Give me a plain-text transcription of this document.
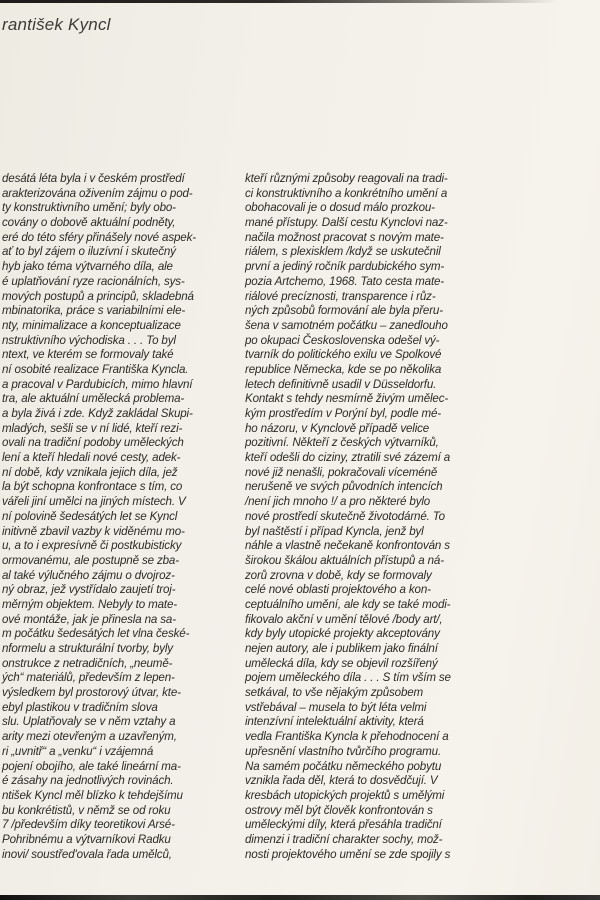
rantišek Kyncl
desátá léta byla i v českém prostředí
arakterizována oživením zájmu o pod-
ty konstruktivního umění; byly obo-
covány o dobově aktuální podněty,
eré do této sféry přinášely nové aspek-
ať to byl zájem o iluzívní i skutečný
hyb jako téma výtvarného díla, ale
é uplatňování ryze racionálních, sys-
mových postupů a principů, skladebná
mbinatorika, práce s variabilními ele-
nty, minimalizace a konceptualizace
nstruktivního východiska . . . To byl
ntext, ve kterém se formovaly také
ní osobité realizace Františka Kyncla.
a pracoval v Pardubicích, mimo hlavní
tra, ale aktuální umělecká problema-
a byla živá i zde. Když zakládal Skupi-
mladých, sešli se v ní lidé, kteří rezi-
ovali na tradiční podoby uměleckých
lení a kteří hledali nové cesty, adek-
ní době, kdy vznikala jejich díla, jež
la být schopna konfrontace s tím, co
vářeli jiní umělci na jiných místech. V
ní polovině šedesátých let se Kyncl
initivně zbavil vazby k viděnému mo-
u, a to i expresívně či postkubisticky
ormovanému, ale postupně se zba-
al také výlučného zájmu o dvojroz-
ný obraz, jež vystřídalo zaujetí troj-
měrným objektem. Nebyly to mate-
ové montáže, jak je přinesla na sa-
m počátku šedesátých let vlna české-
nformelu a strukturální tvorby, byly
onstrukce z netradičních, „neumě-
ých“ materiálů, především z lepen-
výsledkem byl prostorový útvar, kte-
ebyl plastikou v tradičním slova
slu. Uplatňovaly se v něm vztahy a
arity mezi otevřeným a uzavřeným,
ri „uvnitř“ a „venku“ i vzájemná
pojení obojího, ale také lineární ma-
é zásahy na jednotlivých rovinách.
ntišek Kyncl měl blízko k tehdejšímu
bu konkrétistů, v němž se od roku
7 /především díky teoretikovi Arsé-
Pohribnému a výtvarníkovi Radku
inovi/ soustřed'ovala řada umělců,
kteří různými způsoby reagovali na tradi-
ci konstruktivního a konkrétního umění a
obohacovali je o dosud málo prozkou-
mané přístupy. Další cestu Kynclovi naz-
načila možnost pracovat s novým mate-
riálem, s plexisklem /když se uskutečnil
první a jediný ročník pardubického sym-
pozia Artchemo, 1968. Tato cesta mate-
riálové precíznosti, transparence i růz-
ných způsobů formování ale byla přeru-
šena v samotném počátku – zanedlouho
po okupaci Československa odešel vý-
tvarník do politického exilu ve Spolkové
republice Německa, kde se po několika
letech definitivně usadil v Düsseldorfu.
Kontakt s tehdy nesmírně živým umělec-
kým prostředím v Porýní byl, podle mé-
ho názoru, v Kynclově případě velice
pozitivní. Někteří z českých výtvarníků,
kteří odešli do ciziny, ztratili své zázemí a
nové již nenašli, pokračovali víceméně
nerušeně ve svých původních intencích
/není jich mnoho !/ a pro některé bylo
nové prostředí skutečně životodárné. To
byl naštěstí i případ Kyncla, jenž byl
náhle a vlastně nečekaně konfrontován s
širokou škálou aktuálních přístupů a ná-
zorů zrovna v době, kdy se formovaly
celé nové oblasti projektového a kon-
ceptuálního umění, ale kdy se také modi-
fikovalo akční v umění tělové /body art/,
kdy byly utopické projekty akceptovány
nejen autory, ale i publikem jako finální
umělecká díla, kdy se objevil rozšířený
pojem uměleckého díla . . . S tím vším se
setkával, to vše nějakým způsobem
vstřebával – musela to být léta velmi
intenzívní intelektuální aktivity, která
vedla Františka Kyncla k přehodnocení a
upřesnění vlastního tvůrčího programu.
Na samém počátku německého pobytu
vznikla řada děl, která to dosvědčují. V
kresbách utopických projektů s umělými
ostrovy měl být člověk konfrontován s
uměleckými díly, která přesáhla tradiční
dimenzi i tradiční charakter sochy, mož-
nosti projektového umění se zde spojily s
